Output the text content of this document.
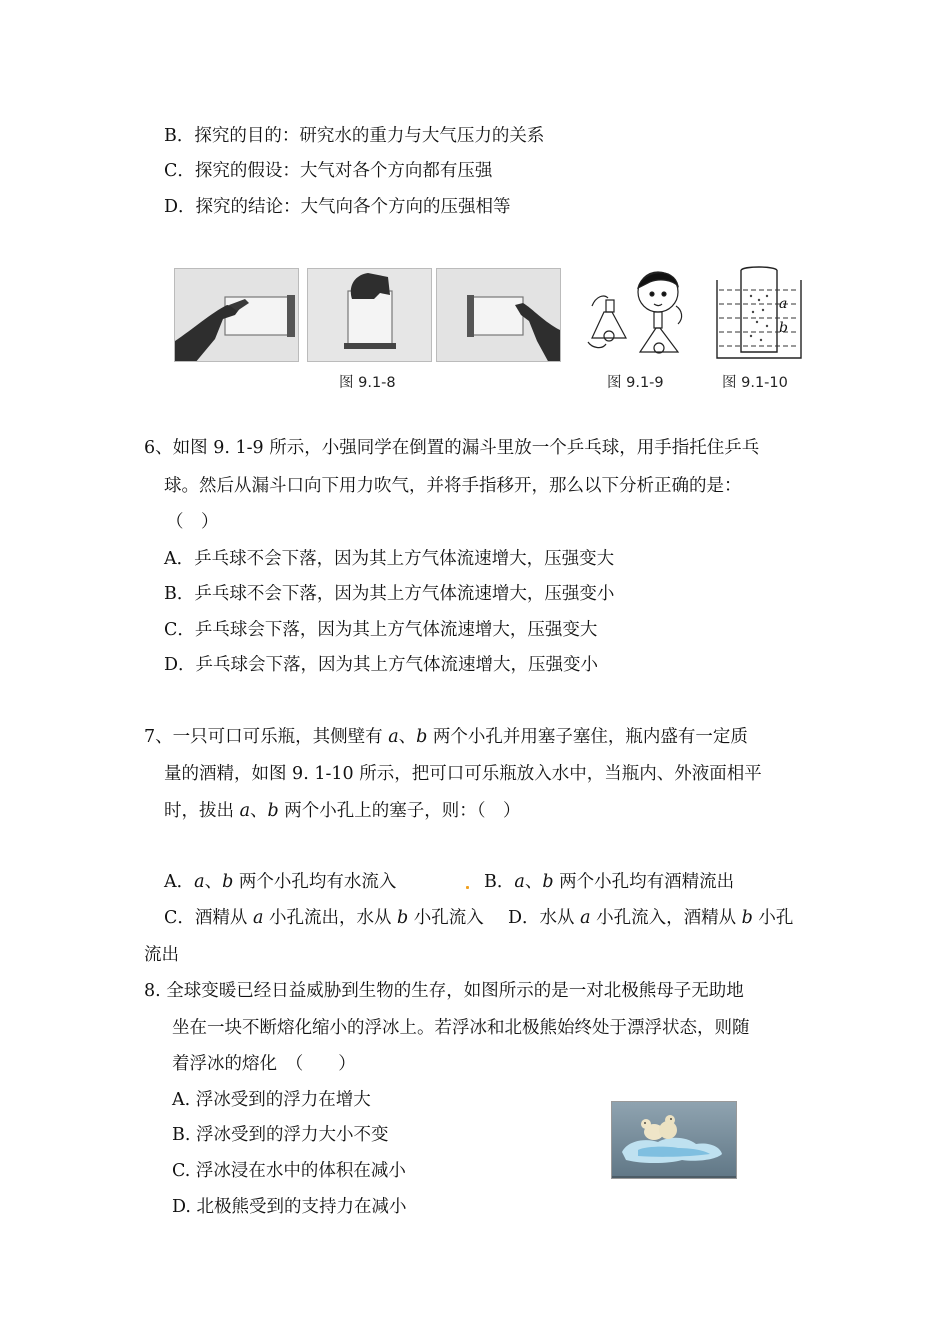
B．探究的目的：研究水的重力与大气压力的关系
C．探究的假设：大气对各个方向都有压强
D．探究的结论：大气向各个方向的压强相等
图 9.1-8	图 9.1-9
a
b
图 9.1-10
6、如图 9. 1-9 所示，小强同学在倒置的漏斗里放一个乒乓球，用手指托住乒乓
球。然后从漏斗口向下用力吹气，并将手指移开，那么以下分析正确的是：
（　）
A．乒乓球不会下落，因为其上方气体流速增大，压强变大
B．乒乓球不会下落，因为其上方气体流速增大，压强变小
C．乒乓球会下落，因为其上方气体流速增大，压强变大
D．乒乓球会下落，因为其上方气体流速增大，压强变小
7、一只可口可乐瓶，其侧壁有 a、b 两个小孔并用塞子塞住，瓶内盛有一定质
量的酒精，如图 9. 1-10 所示，把可口可乐瓶放入水中，当瓶内、外液面相平
时，拔出 a、b 两个小孔上的塞子，则：（　）
A．a、b 两个小孔均有水流入	B．a、b 两个小孔均有酒精流出
C．酒精从 a 小孔流出，水从 b 小孔流入 D．水从 a 小孔流入，酒精从 b 小孔
流出
8. 全球变暖已经日益威胁到生物的生存，如图所示的是一对北极熊母子无助地
坐在一块不断熔化缩小的浮冰上。若浮冰和北极熊始终处于漂浮状态，则随
着浮冰的熔化　（　　）
A. 浮冰受到的浮力在增大
B. 浮冰受到的浮力大小不变
C. 浮冰浸在水中的体积在减小
D. 北极熊受到的支持力在减小
